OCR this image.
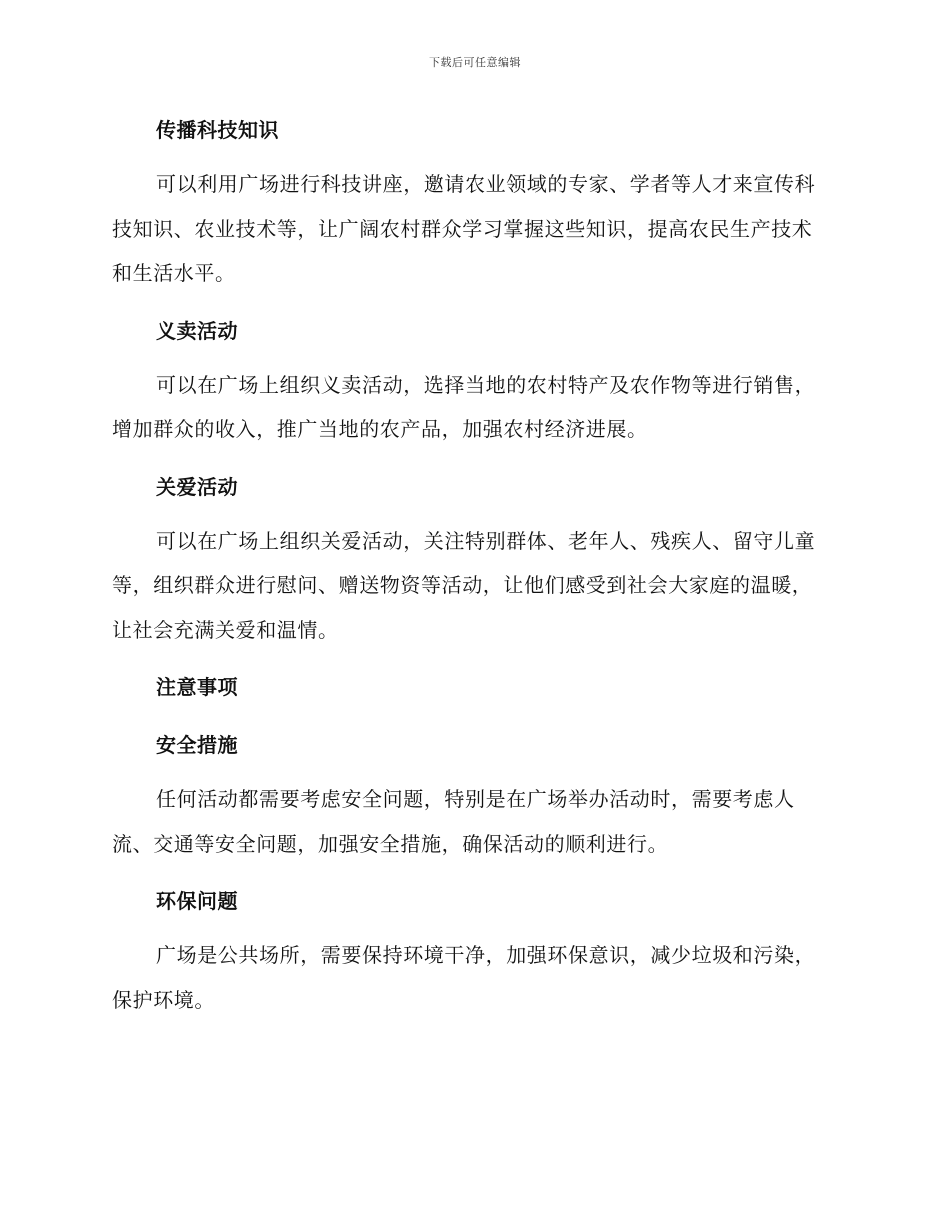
下载后可任意编辑
传播科技知识

可以利用广场进行科技讲座，邀请农业领域的专家、学者等人才来宣传科技知识、农业技术等，让广阔农村群众学习掌握这些知识，提高农民生产技术和生活水平。

义卖活动

可以在广场上组织义卖活动，选择当地的农村特产及农作物等进行销售，增加群众的收入，推广当地的农产品，加强农村经济进展。

关爱活动

可以在广场上组织关爱活动，关注特别群体、老年人、残疾人、留守儿童等，组织群众进行慰问、赠送物资等活动，让他们感受到社会大家庭的温暖，让社会充满关爱和温情。

注意事项
安全措施

任何活动都需要考虑安全问题，特别是在广场举办活动时，需要考虑人流、交通等安全问题，加强安全措施，确保活动的顺利进行。

环保问题

广场是公共场所，需要保持环境干净，加强环保意识，减少垃圾和污染，保护环境。
